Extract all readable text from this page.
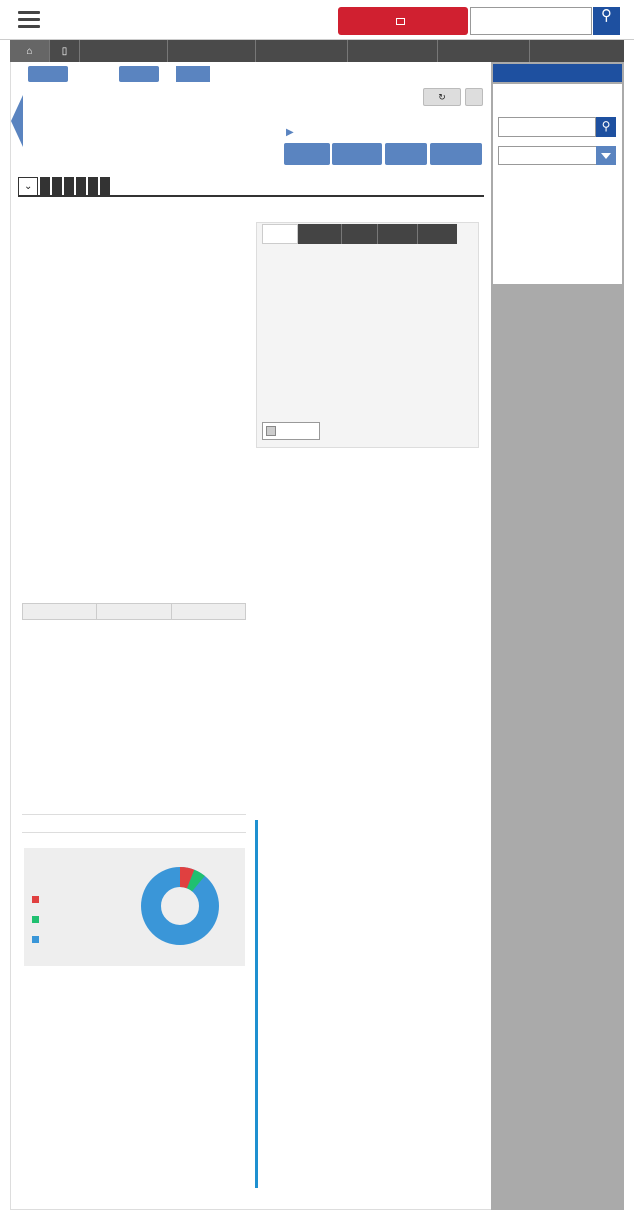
⚲
⌂	▯
↻
▶
⌄

⚲
